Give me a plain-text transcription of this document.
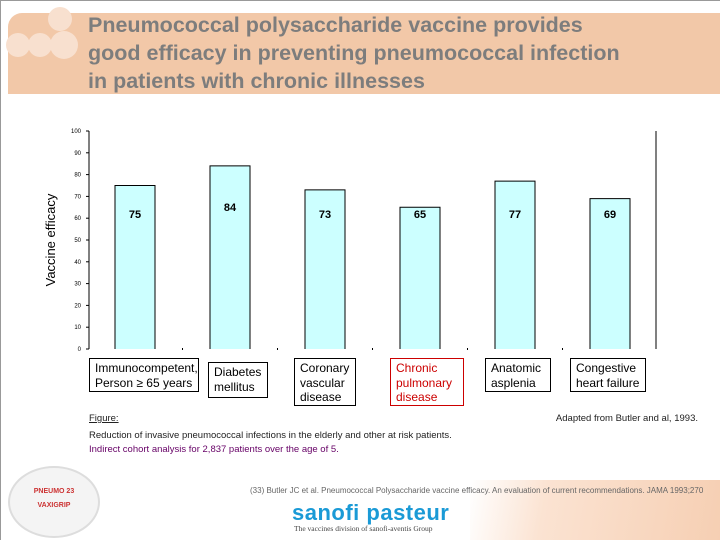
Pneumococcal polysaccharide vaccine provides
good efficacy in preventing pneumococcal infection
in patients with chronic illnesses
0
10
20
30
40
50
60
70
80
90
100
Vaccine efficacy	75
84
73	65	77	69
Immunocompetent,
Person ≥ 65 years
Diabetes
mellitus
Coronary
vascular
disease
Chronic
pulmonary
disease
Anatomic
asplenia
Congestive
heart failure
Figure:	Adapted from Butler and al, 1993.
Reduction of invasive pneumococcal infections in the elderly and other at risk patients.
Indirect cohort analysis for 2,837 patients over the age of 5.
PNEUMO 23

VAXIGRIP
(33) Butler JC et al. Pneumococcal Polysaccharide vaccine efficacy. An evaluation of current recommendations. JAMA 1993;270
sanofi pasteur
The vaccines division of sanofi-aventis Group
